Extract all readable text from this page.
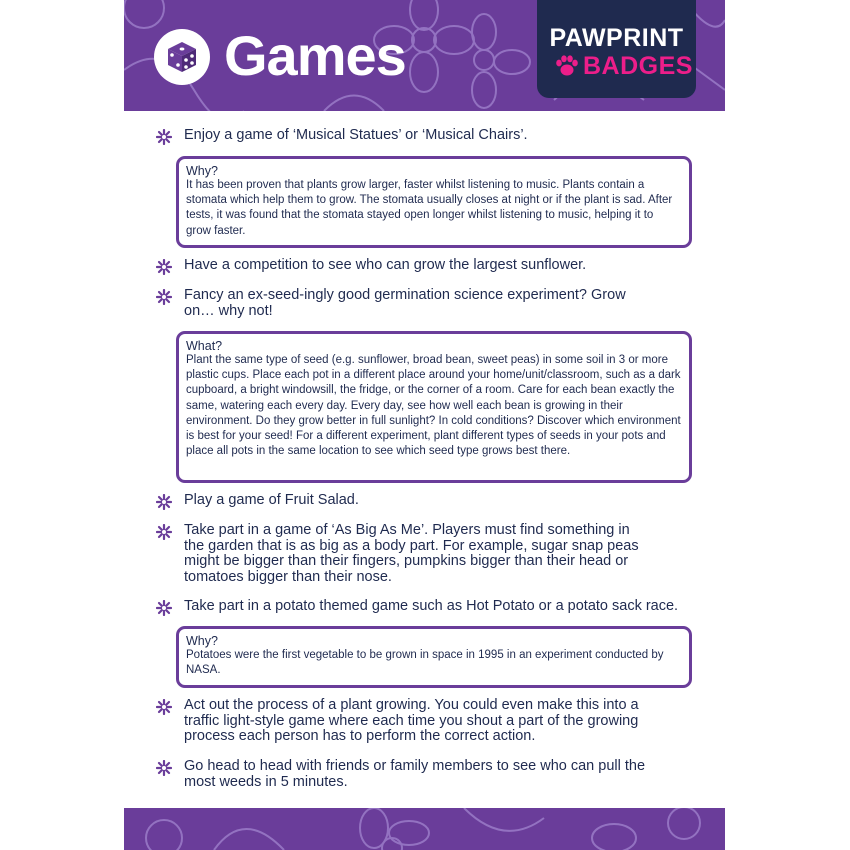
Games	PAWPRINT
BADGES
Enjoy a game of ‘Musical Statues’ or ‘Musical Chairs’.
Why?
It has been proven that plants grow larger, faster whilst listening to music. Plants contain a stomata which help them to grow. The stomata usually closes at night or if the plant is sad. After tests, it was found that the stomata stayed open longer whilst listening to music, helping it to grow faster.
Have a competition to see who can grow the largest sunflower.
Fancy an ex-seed-ingly good germination science experiment? Grow on… why not!
What?
Plant the same type of seed (e.g. sunflower, broad bean, sweet peas) in some soil in 3 or more plastic cups. Place each pot in a different place around your home/unit/classroom, such as a dark cupboard, a bright windowsill, the fridge, or the corner of a room. Care for each bean exactly the same, watering each every day. Every day, see how well each bean is growing in their environment. Do they grow better in full sunlight? In cold conditions? Discover which environment is best for your seed! For a different experiment, plant different types of seeds in your pots and place all pots in the same location to see which seed type grows best there.
Play a game of Fruit Salad.
Take part in a game of ‘As Big As Me’. Players must find something in the garden that is as big as a body part. For example, sugar snap peas might be bigger than their fingers, pumpkins bigger than their head or tomatoes bigger than their nose.
Take part in a potato themed game such as Hot Potato or a potato sack race.
Why?
Potatoes were the first vegetable to be grown in space in 1995 in an experiment conducted by NASA.
Act out the process of a plant growing. You could even make this into a traffic light-style game where each time you shout a part of the growing process each person has to perform the correct action.
Go head to head with friends or family members to see who can pull the most weeds in 5 minutes.
